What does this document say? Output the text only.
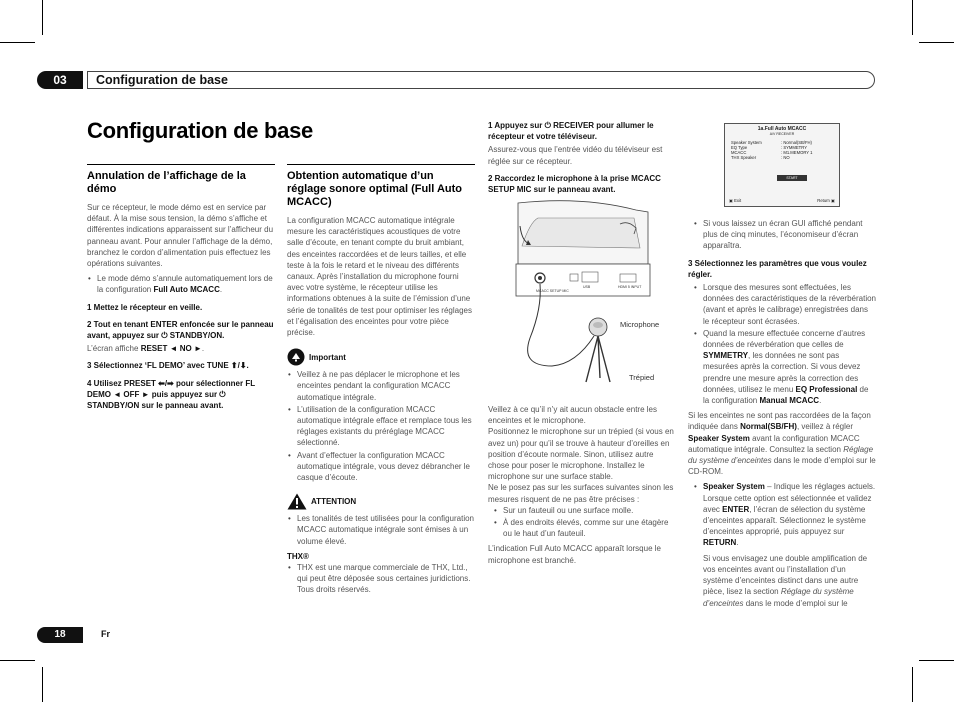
03	Configuration de base
Configuration de base
Annulation de l’affichage de la démo

Sur ce récepteur, le mode démo est en service par défaut. À la mise sous tension, la démo s’affiche et différentes indications apparaissent sur l’afficheur du panneau avant. Pour annuler l’affichage de la démo, branchez le cordon d’alimentation puis effectuez les opérations suivantes.

• Le mode démo s’annule automatiquement lors de la configuration Full Auto MCACC.
1 Mettez le récepteur en veille.
2 Tout en tenant ENTER enfoncée sur le panneau avant, appuyez sur ⏻ STANDBY/ON.

L’écran affiche RESET ◄ NO ►.

3 Sélectionnez ‘FL DEMO’ avec TUNE ⬆/⬇.
4 Utilisez PRESET ⬅/➡ pour sélectionner FL DEMO ◄ OFF ► puis appuyez sur ⏻ STANDBY/ON sur le panneau avant.
Obtention automatique d’un réglage sonore optimal (Full Auto MCACC)

La configuration MCACC automatique intégrale mesure les caractéristiques acoustiques de votre salle d’écoute, en tenant compte du bruit ambiant, des enceintes raccordées et de leurs tailles, et elle teste à la fois le retard et le niveau des différents canaux. Après l’installation du microphone fourni avec votre système, le récepteur utilise les informations obtenues à la suite de l’émission d’une série de tonalités de test pour optimiser les réglages et l’égalisation des enceintes pour votre pièce précise.

Important
• Veillez à ne pas déplacer le microphone et les enceintes pendant la configuration MCACC automatique intégrale.
• L’utilisation de la configuration MCACC automatique intégrale efface et remplace tous les réglages existants du préréglage MCACC sélectionné.
• Avant d’effectuer la configuration MCACC automatique intégrale, vous devez débrancher le casque d’écoute.
ATTENTION
• Les tonalités de test utilisées pour la configuration MCACC automatique intégrale sont émises à un volume élevé.
THX®
• THX est une marque commerciale de THX, Ltd., qui peut être déposée sous certaines juridictions. Tous droits réservés.
1 Appuyez sur ⏻ RECEIVER pour allumer le récepteur et votre téléviseur.

Assurez-vous que l’entrée vidéo du téléviseur est réglée sur ce récepteur.

2 Raccordez le microphone à la prise MCACC SETUP MIC sur le panneau avant.
MCACC SETUP MIC
USB	HDMI 5 INPUT
Microphone
Trépied

Veillez à ce qu’il n’y ait aucun obstacle entre les enceintes et le microphone.

Positionnez le microphone sur un trépied (si vous en avez un) pour qu’il se trouve à hauteur d’oreilles en position d’écoute normale. Sinon, utilisez autre chose pour poser le microphone. Installez le microphone sur une surface stable.

Ne le posez pas sur les surfaces suivantes sinon les mesures risquent de ne pas être précises :

• Sur un fauteuil ou une surface molle.
• À des endroits élevés, comme sur une étagère ou le haut d’un fauteuil.

L’indication Full Auto MCACC apparaît lorsque le microphone est branché.

1a.Full Auto MCACC
A/V RECEIVER
Speaker System	: Normal(SB/FH)
EQ Type	: SYMMETRY
MCACC	: M1.MEMORY 1
THX Speaker	: NO
START
▣ Exit	Return ▣
• Si vous laissez un écran GUI affiché pendant plus de cinq minutes, l’économiseur d’écran apparaîtra.
3 Sélectionnez les paramètres que vous voulez régler.
• Lorsque des mesures sont effectuées, les données des caractéristiques de la réverbération (avant et après le calibrage) enregistrées dans le récepteur sont écrasées.
• Quand la mesure effectuée concerne d’autres données de réverbération que celles de SYMMETRY, les données ne sont pas mesurées après la correction. Si vous devez prendre une mesure après la correction des données, utilisez le menu EQ Professional de la configuration Manual MCACC.

Si les enceintes ne sont pas raccordées de la façon indiquée dans Normal(SB/FH), veillez à régler Speaker System avant la configuration MCACC automatique intégrale. Consultez la section Réglage du système d’enceintes dans le mode d’emploi sur le CD-ROM.

• Speaker System – Indique les réglages actuels. Lorsque cette option est sélectionnée et validez avec ENTER, l’écran de sélection du système d’enceintes apparaît. Sélectionnez le système d’enceintes approprié, puis appuyez sur RETURN.

Si vous envisagez une double amplification de vos enceintes avant ou l’installation d’un système d’enceintes distinct dans une autre pièce, lisez la section Réglage du système d’enceintes dans le mode d’emploi sur le

18	Fr
